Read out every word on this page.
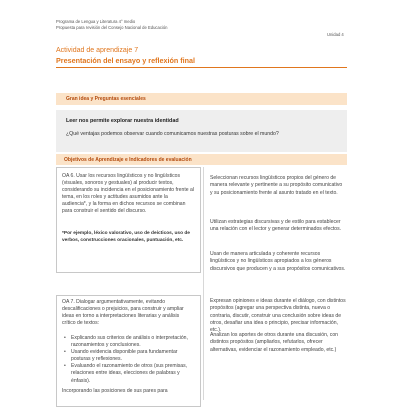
Programa de Lengua y Literatura 4° medio
Propuesta para revisión del Consejo Nacional de Educación
Unidad 4
Actividad de aprendizaje 7
Presentación del ensayo y reflexión final
Gran idea y Preguntas esenciales
Leer nos permite explorar nuestra identidad
¿Qué ventajas podemos observar cuando comunicamos nuestras posturas sobre el mundo?
Objetivos de Aprendizaje e Indicadores de evaluación
OA 6. Usar los recursos lingüísticos y no lingüísticos (visuales, sonoros y gestuales) al producir textos, considerando su incidencia en el posicionamiento frente al tema, en los roles y actitudes asumidos ante la audiencia*, y la forma en dichos recursos se combinan para construir el sentido del discurso.
*Por ejemplo, léxico valorativo, uso de deícticos, uso de verbos, construcciones oracionales, puntuación, etc.
OA 7. Dialogar argumentativamente, evitando descalificaciones o prejuicios, para construir y ampliar ideas en torno a interpretaciones literarias y análisis crítico de textos:
• Explicando sus criterios de análisis o interpretación, razonamientos y conclusiones.
• Usando evidencia disponible para fundamentar posturas y reflexiones.
• Evaluando el razonamiento de otros (sus premisas, relaciones entre ideas, elecciones de palabras y énfasis).
Incorporando las posiciones de sus pares para
Seleccionan recursos lingüísticos propios del género de manera relevante y pertinente a su propósito comunicativo y su posicionamiento frente al asunto tratado en el texto.
Utilizan estrategias discursivas y de estilo para establecer una relación con el lector y generar determinados efectos.
Usan de manera articulada y coherente recursos lingüísticos y no lingüísticos apropiados a los géneros discursivos que producen y a sus propósitos comunicativos.
Expresan opiniones e ideas durante el diálogo, con distintos propósitos (agregar una perspectiva distinta, nueva o contraria, discutir, construir una conclusión sobre ideas de otros, desafiar una idea o principio, precisar información, etc.).
Analizan los aportes de otros durante una discusión, con distintos propósitos (ampliarlos, refutarlos, ofrecer alternativas, evidenciar el razonamiento empleado, etc.)
